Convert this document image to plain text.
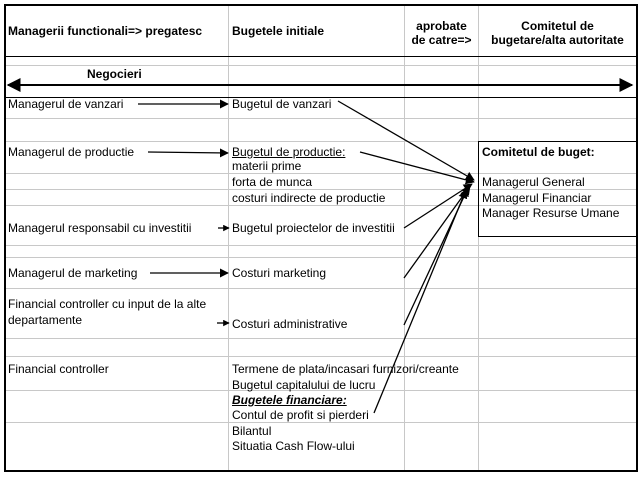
Managerii functionali=> pregatesc Bugetele initiale	aprobate
de catre=>
Comitetul de
bugetare/alta autoritate
Negocieri
Managerul de vanzari
Managerul de productie
Managerul responsabil cu investitii
Managerul de marketing
Financial controller cu input de la alte
departamente
Financial controller
Bugetul de vanzari
Bugetul de productie:
materii prime
forta de munca
costuri indirecte de productie
Bugetul proiectelor de investitii
Costuri marketing
Costuri administrative
Termene de plata/incasari furnizori/creante
Bugetul capitalului de lucru
Bugetele financiare:
Contul de profit si pierderi
Bilantul
Situatia Cash Flow-ului
Comitetul de buget:
Managerul General
Managerul Financiar
Manager Resurse Umane
